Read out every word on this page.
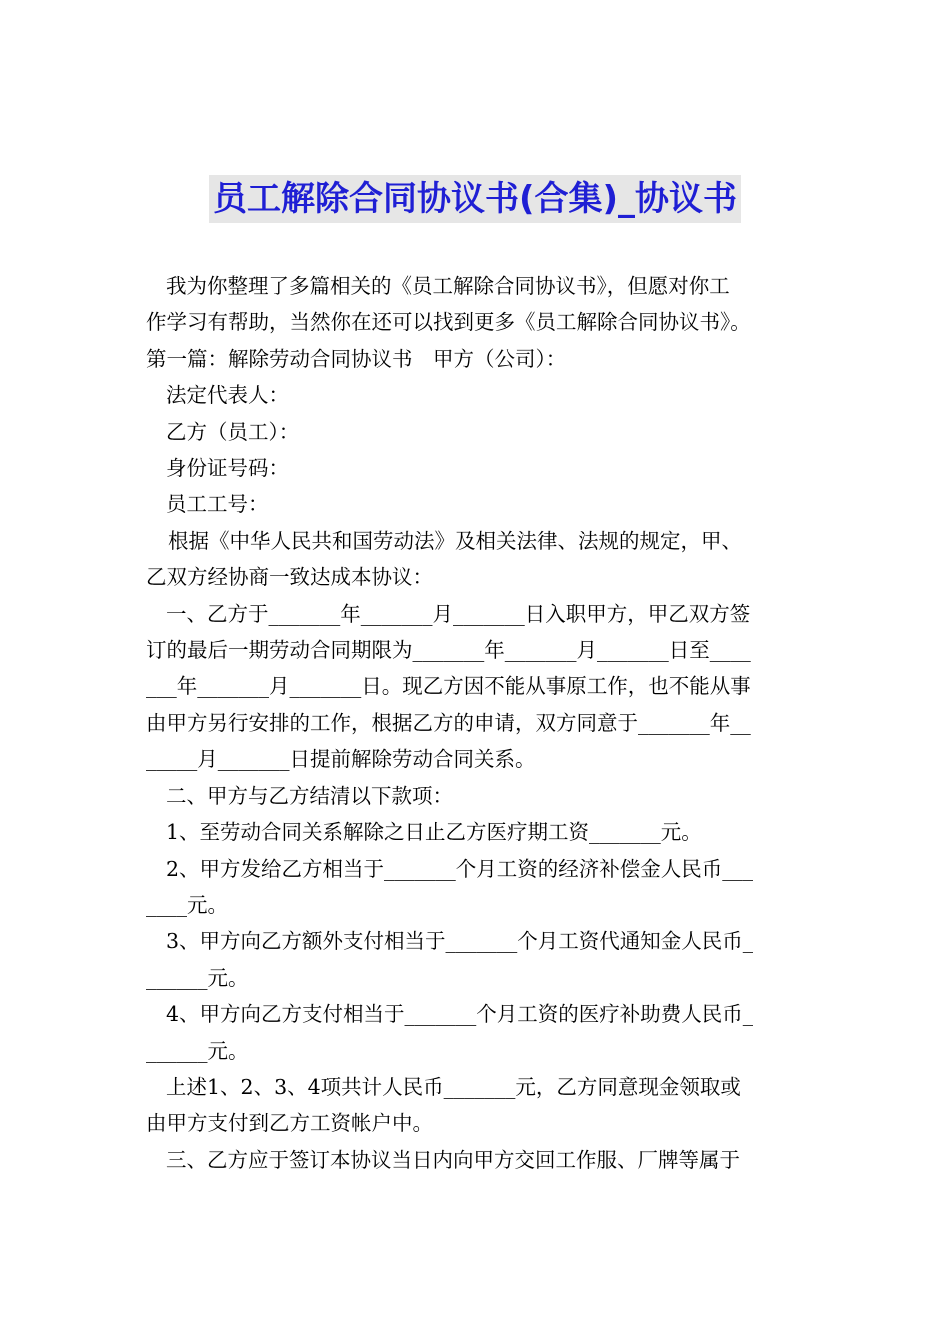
员工解除合同协议书(合集)_协议书

我为你整理了多篇相关的《员工解除合同协议书》，但愿对你工

作学习有帮助，当然你在还可以找到更多《员工解除合同协议书》。

第一篇：解除劳动合同协议书　甲方（公司）：

法定代表人：

乙方（员工）：

身份证号码：

员工工号：

根据《中华人民共和国劳动法》及相关法律、法规的规定，甲、

乙双方经协商一致达成本协议：

一、乙方于_______年_______月_______日入职甲方，甲乙双方签

订的最后一期劳动合同期限为_______年_______月_______日至____

___年_______月_______日。现乙方因不能从事原工作，也不能从事

由甲方另行安排的工作，根据乙方的申请，双方同意于_______年__

_____月_______日提前解除劳动合同关系。

二、甲方与乙方结清以下款项：

1、至劳动合同关系解除之日止乙方医疗期工资_______元。

2、甲方发给乙方相当于_______个月工资的经济补偿金人民币___

____元。

3、甲方向乙方额外支付相当于_______个月工资代通知金人民币_

______元。

4、甲方向乙方支付相当于_______个月工资的医疗补助费人民币_

______元。

上述1、2、3、4项共计人民币_______元，乙方同意现金领取或

由甲方支付到乙方工资帐户中。

三、乙方应于签订本协议当日内向甲方交回工作服、厂牌等属于
